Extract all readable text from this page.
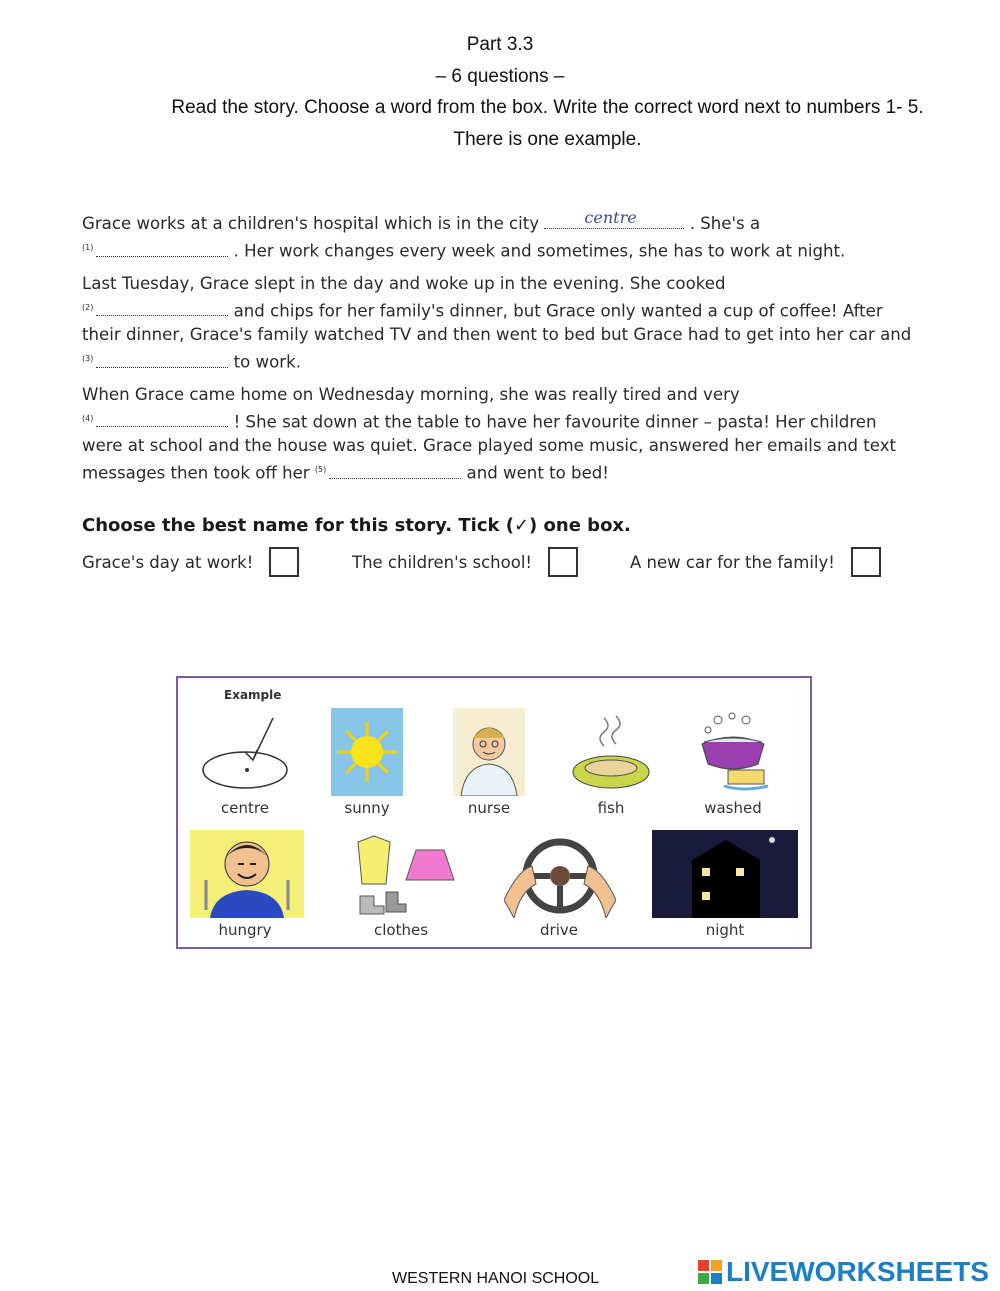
Part 3.3
– 6 questions –
Read the story. Choose a word from the box. Write the correct word next to numbers 1- 5. There is one example.

Grace works at a children's hospital which is in the city	centre	. She's a
$^{(1)}$	. Her work changes every week and sometimes, she has to work at night.

Last Tuesday, Grace slept in the day and woke up in the evening. She cooked
$^{(2)}$	and chips for her family's dinner, but Grace only wanted a cup of coffee! After their dinner, Grace's family watched TV and then went to bed but Grace had to get into her car and $^{(3)}$	to work.

When Grace came home on Wednesday morning, she was really tired and very
$^{(4)}$	! She sat down at the table to have her favourite dinner – pasta! Her children were at school and the house was quiet. Grace played some music, answered her emails and text messages then took off her $^{(5)}$	and went to bed!

Choose the best name for this story. Tick (✓) one box.
Grace's day at work!	The children's school!	A new car for the family!
Example
centre	sunny	nurse	fish	washed
hungry	clothes	drive	night
WESTERN HANOI SCHOOL	LIVEWORKSHEETS
